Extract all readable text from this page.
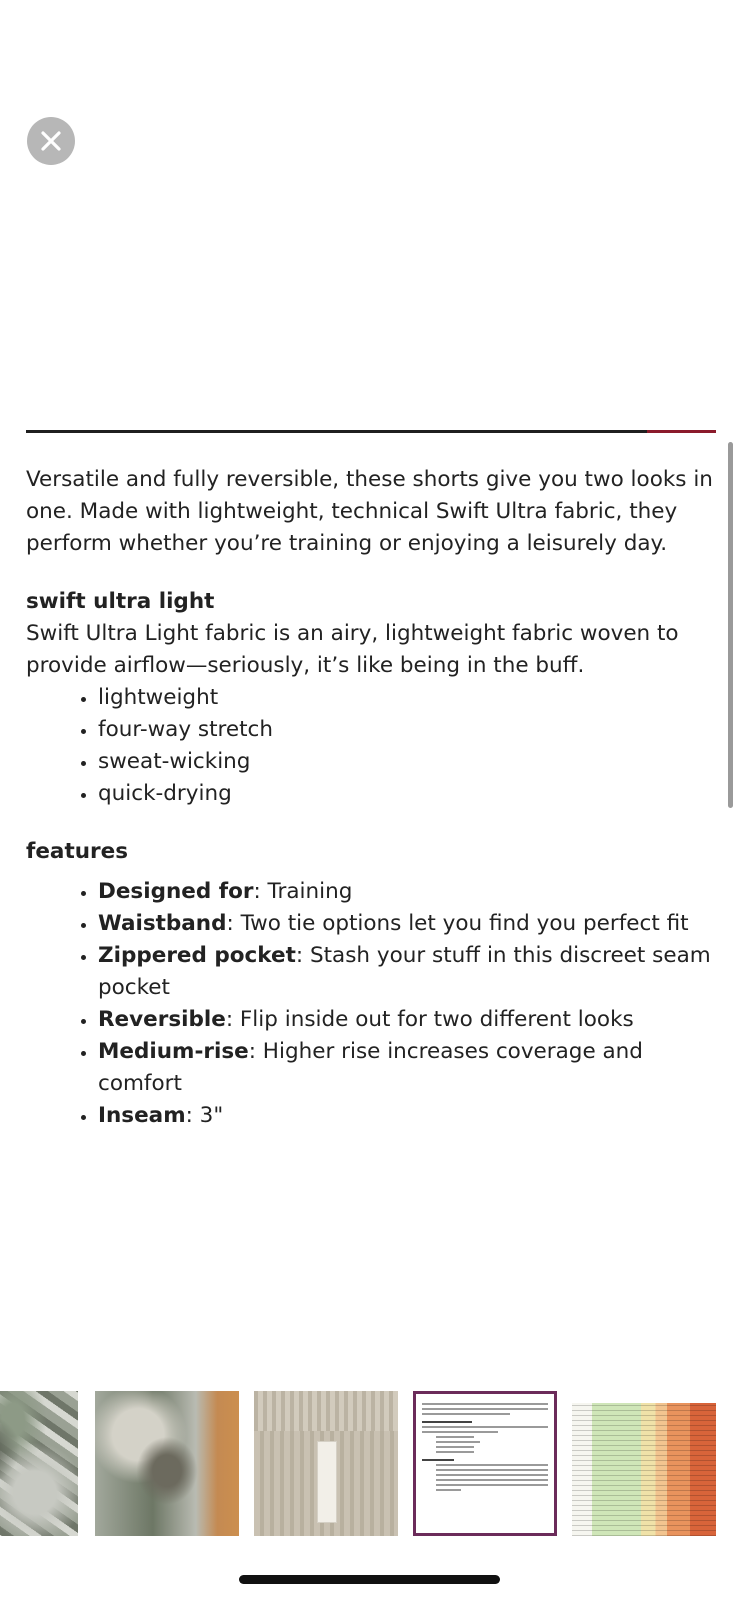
Versatile and fully reversible, these shorts give you two looks in one. Made with lightweight, technical Swift Ultra fabric, they perform whether you’re training or enjoying a leisurely day.

swift ultra light

Swift Ultra Light fabric is an airy, lightweight fabric woven to provide airflow—seriously, it’s like being in the buff.

• lightweight
• four-way stretch
• sweat-wicking
• quick-drying
features
• Designed for: Training
• Waistband: Two tie options let you find you perfect fit
• Zippered pocket: Stash your stuff in this discreet seam pocket
• Reversible: Flip inside out for two different looks
• Medium-rise: Higher rise increases coverage and comfort
• Inseam: 3"
